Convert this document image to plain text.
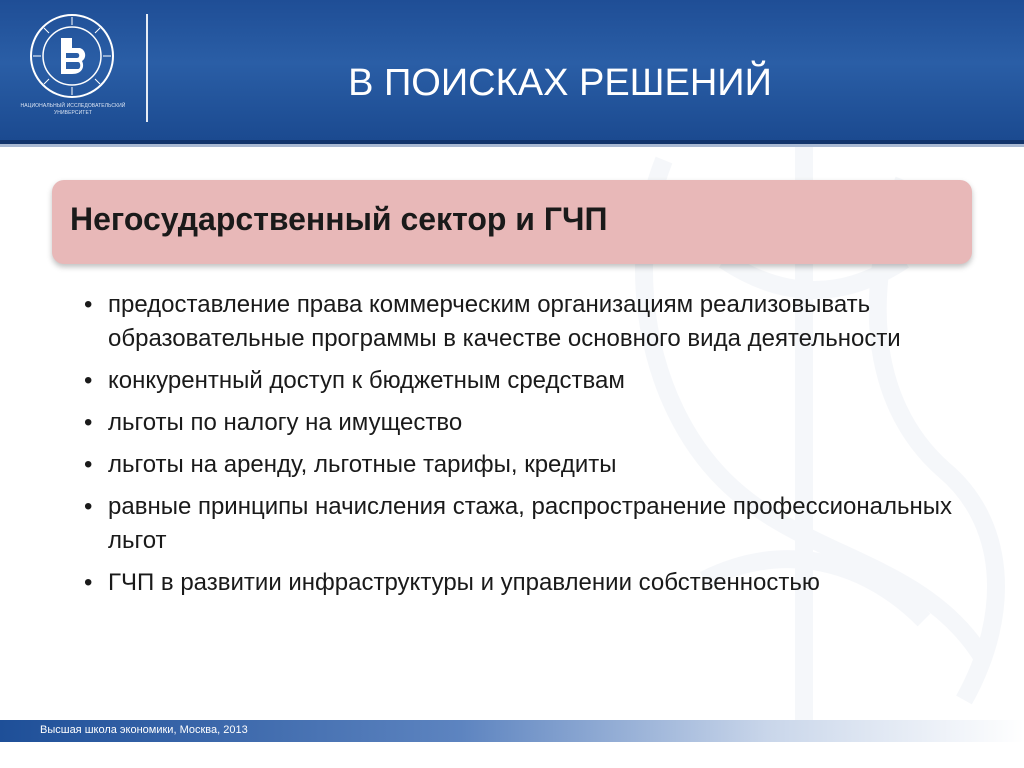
НАЦИОНАЛЬНЫЙ ИССЛЕДОВАТЕЛЬСКИЙ УНИВЕРСИТЕТ
В ПОИСКАХ РЕШЕНИЙ
Негосударственный сектор и ГЧП
• предоставление права коммерческим организациям реализовывать образовательные программы в качестве основного вида деятельности
• конкурентный доступ к бюджетным средствам
• льготы по налогу на имущество
• льготы на аренду, льготные тарифы, кредиты
• равные принципы начисления стажа, распространение профессиональных льгот
• ГЧП в развитии инфраструктуры и управлении собственностью
Высшая школа экономики, Москва, 2013
